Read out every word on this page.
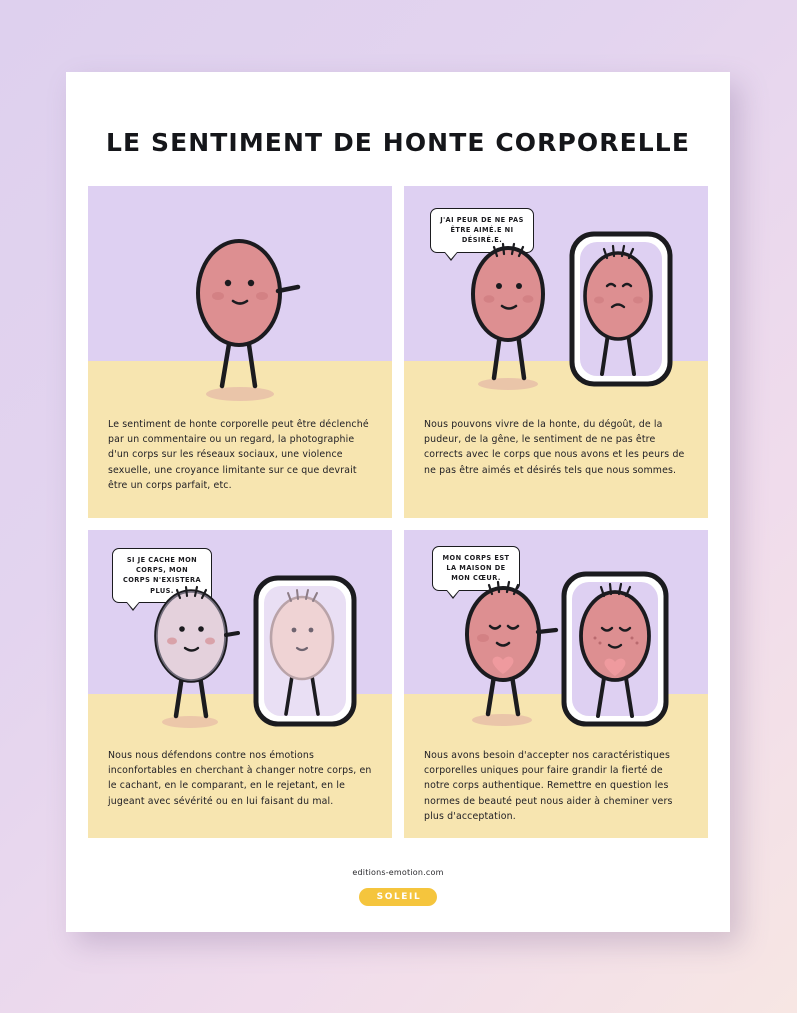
LE SENTIMENT DE HONTE CORPORELLE

Le sentiment de honte corporelle peut être déclenché par un commentaire ou un regard, la photographie d'un corps sur les réseaux sociaux, une violence sexuelle, une croyance limitante sur ce que devrait être un corps parfait, etc.

J'AI PEUR DE NE PAS ÊTRE AIMÉ.E NI DÉSIRÉ.E.

Nous pouvons vivre de la honte, du dégoût, de la pudeur, de la gêne, le sentiment de ne pas être corrects avec le corps que nous avons et les peurs de ne pas être aimés et désirés tels que nous sommes.

SI JE CACHE MON CORPS, MON CORPS N'EXISTERA PLUS.

Nous nous défendons contre nos émotions inconfortables en cherchant à changer notre corps, en le cachant, en le comparant, en le rejetant, en le jugeant avec sévérité ou en lui faisant du mal.

MON CORPS EST LA MAISON DE MON CŒUR.

Nous avons besoin d'accepter nos caractéristiques corporelles uniques pour faire grandir la fierté de notre corps authentique. Remettre en question les normes de beauté peut nous aider à cheminer vers plus d'acceptation.

editions-emotion.com
SOLEIL
